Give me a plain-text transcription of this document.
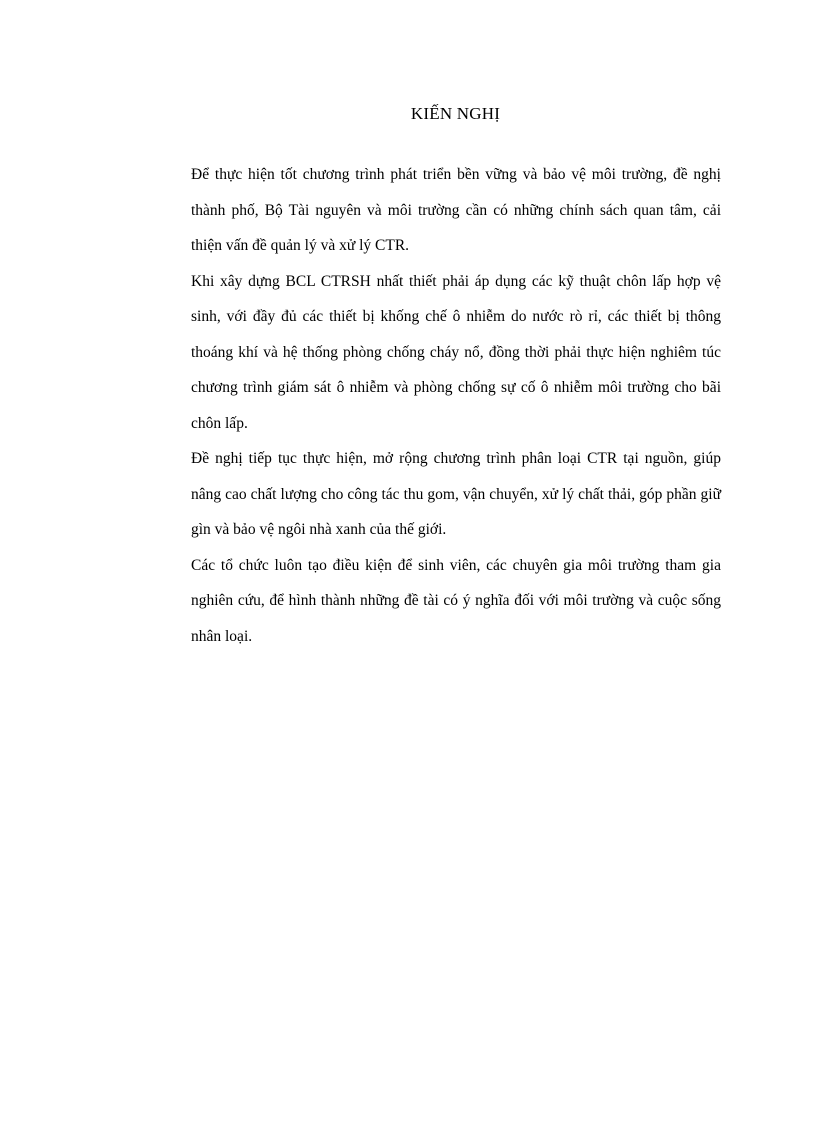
KIẾN NGHỊ

Để thực hiện tốt chương trình phát triển bền vững và bảo vệ môi trường, đề nghị thành phố, Bộ Tài nguyên và môi trường cần có những chính sách quan tâm, cải thiện vấn đề quản lý và xử lý CTR.

Khi xây dựng BCL CTRSH nhất thiết phải áp dụng các kỹ thuật chôn lấp hợp vệ sinh, với đầy đủ các thiết bị khống chế ô nhiễm do nước rò rỉ, các thiết bị thông thoáng khí và hệ thống phòng chống cháy nổ, đồng thời phải thực hiện nghiêm túc chương trình giám sát ô nhiễm và phòng chống sự cố ô nhiễm môi trường cho bãi chôn lấp.

Đề nghị tiếp tục thực hiện, mở rộng chương trình phân loại CTR tại nguồn, giúp nâng cao chất lượng cho công tác thu gom, vận chuyển, xử lý chất thải, góp phần giữ gìn và bảo vệ ngôi nhà xanh của thế giới.

Các tổ chức luôn tạo điều kiện để sinh viên, các chuyên gia môi trường tham gia nghiên cứu, để hình thành những đề tài có ý nghĩa đối với môi trường và cuộc sống nhân loại.
